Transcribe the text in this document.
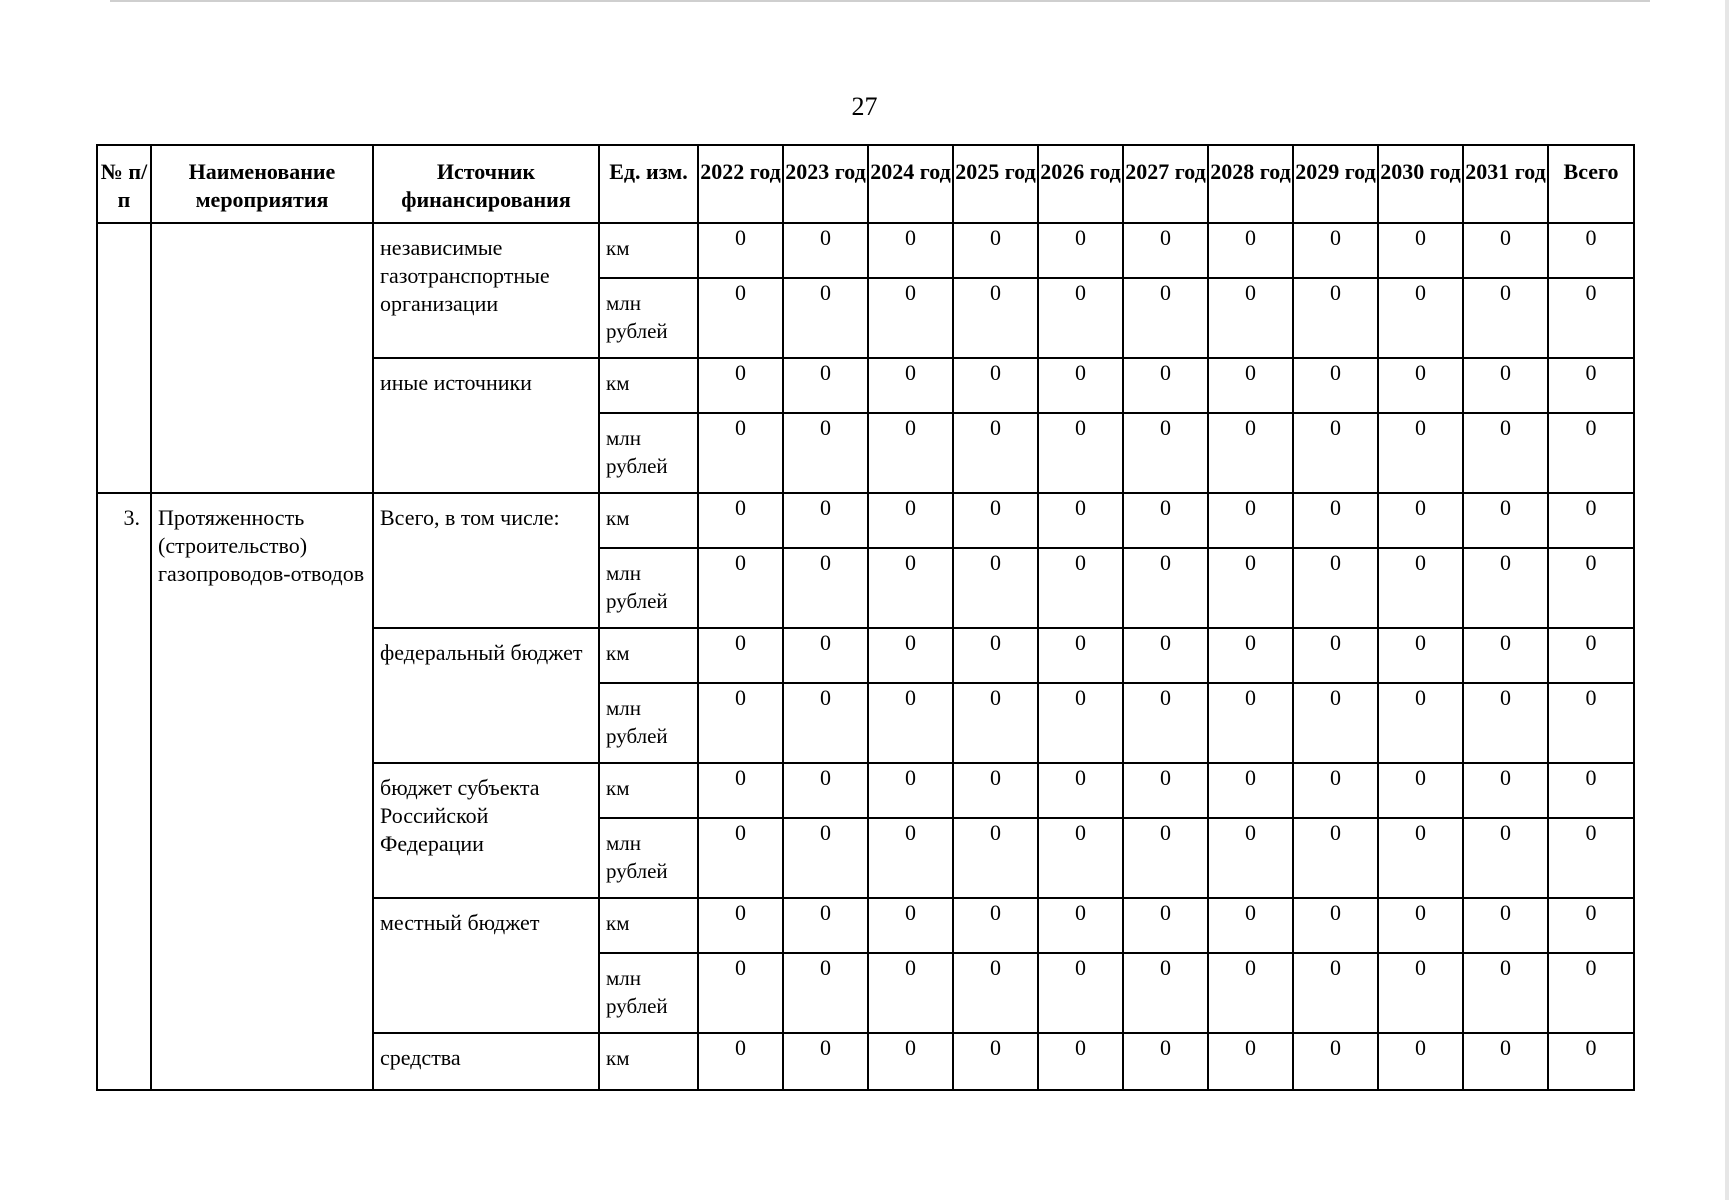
27
№ п/п	Наименование мероприятия	Источник финансирования	Ед. изм.	2022 год	2023 год	2024 год	2025 год	2026 год	2027 год	2028 год	2029 год	2030 год	2031 год	Всего

		независимые газотранспортные организации	км	0	0	0	0	0	0	0	0	0	0	0

			млн рублей	0	0	0	0	0	0	0	0	0	0	0

		иные источники	км	0	0	0	0	0	0	0	0	0	0	0

			млн рублей	0	0	0	0	0	0	0	0	0	0	0

3.	Протяженность (строительство) газопроводов-отводов	Всего, в том числе:	км	0	0	0	0	0	0	0	0	0	0	0

			млн рублей	0	0	0	0	0	0	0	0	0	0	0

		федеральный бюджет	км	0	0	0	0	0	0	0	0	0	0	0

			млн рублей	0	0	0	0	0	0	0	0	0	0	0

		бюджет субъекта Российской Федерации	км	0	0	0	0	0	0	0	0	0	0	0

			млн рублей	0	0	0	0	0	0	0	0	0	0	0

		местный бюджет	км	0	0	0	0	0	0	0	0	0	0	0

			млн рублей	0	0	0	0	0	0	0	0	0	0	0

		средства	км	0	0	0	0	0	0	0	0	0	0	0
